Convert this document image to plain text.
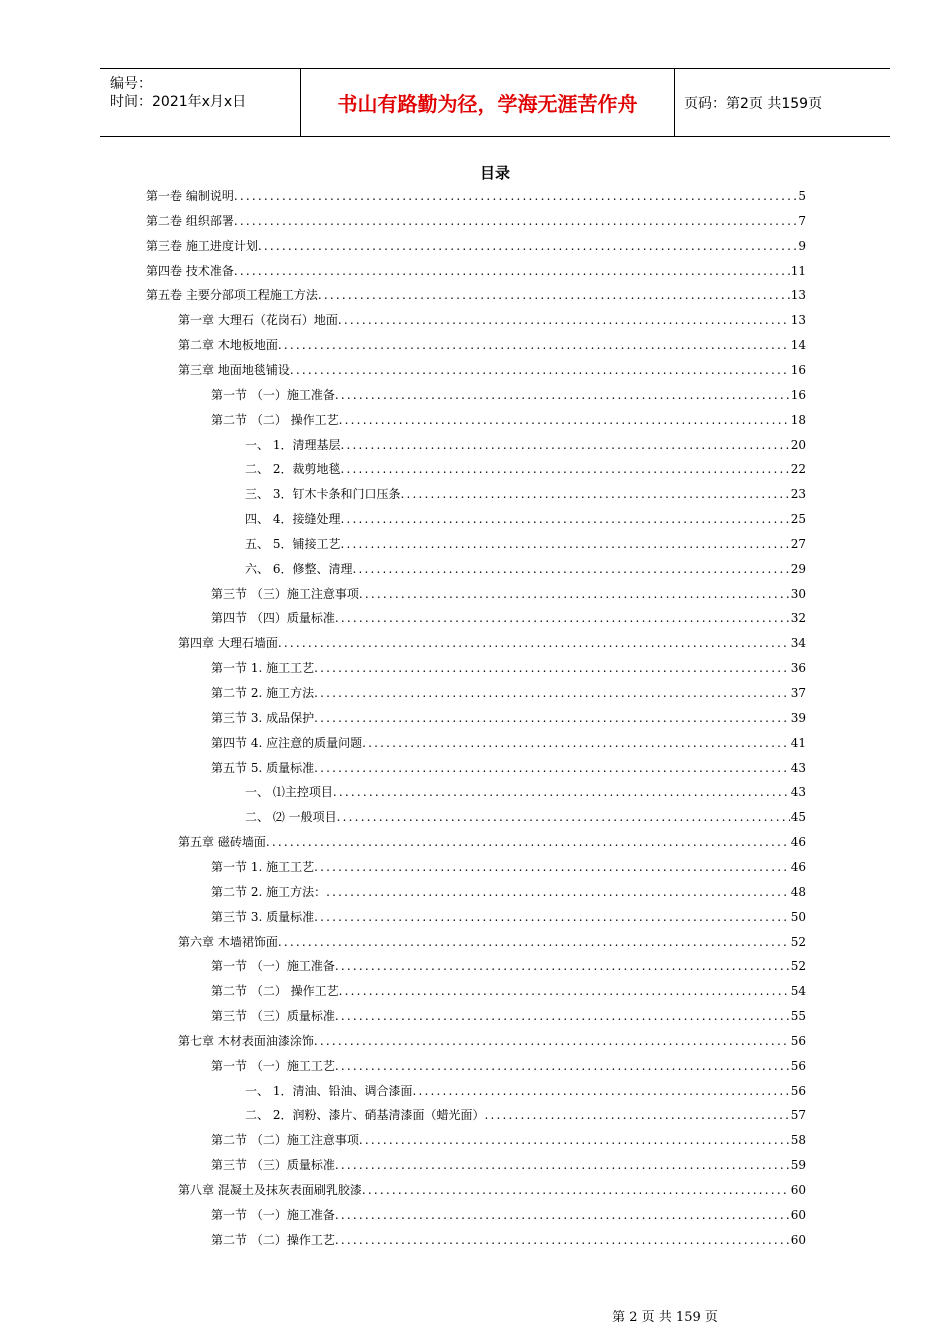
编号：
时间：2021年x月x日	书山有路勤为径，学海无涯苦作舟	页码：第2页 共159页
目录
第一卷 编制说明 .....	5
第二卷 组织部署 .....	7
第三卷 施工进度计划 .....	9
第四卷 技术准备 .....	11
第五卷 主要分部项工程施工方法 .....	13
第一章 大理石（花岗石）地面 .....	13
第二章 木地板地面 .....	14
第三章 地面地毯铺设 .....	16
第一节 （一）施工准备 .....	16
第二节 （二） 操作工艺 .....	18
一、 1．清理基层 .....	20
二、 2．裁剪地毯 .....	22
三、 3．钉木卡条和门口压条 .....	23
四、 4．接缝处理 .....	25
五、 5．铺接工艺 .....	27
六、 6．修整、清理 .....	29
第三节 （三）施工注意事项 .....	30
第四节 （四）质量标准 .....	32
第四章 大理石墙面 .....	34
第一节 1. 施工工艺 .....	36
第二节 2. 施工方法 .....	37
第三节 3. 成品保护 .....	39
第四节 4. 应注意的质量问题 .....	41
第五节 5. 质量标准 .....	43
一、 ⑴主控项目 .....	43
二、 ⑵ 一般项目 .....	45
第五章 磁砖墙面 .....	46
第一节 1. 施工工艺 .....	46
第二节 2. 施工方法： .....	48
第三节 3. 质量标准 .....	50
第六章 木墙裙饰面 .....	52
第一节 （一）施工准备 .....	52
第二节 （二） 操作工艺 .....	54
第三节 （三）质量标准 .....	55
第七章 木材表面油漆涂饰 .....	56
第一节 （一）施工工艺 .....	56
一、 1．清油、铅油、调合漆面 .....	56
二、 2．润粉、漆片、硝基清漆面（蜡光面） .....	57
第二节 （二）施工注意事项 .....	58
第三节 （三）质量标准 .....	59
第八章 混凝土及抹灰表面刷乳胶漆 .....	60
第一节 （一）施工准备 .....	60
第二节 （二）操作工艺 .....	60
第 2 页 共 159 页
